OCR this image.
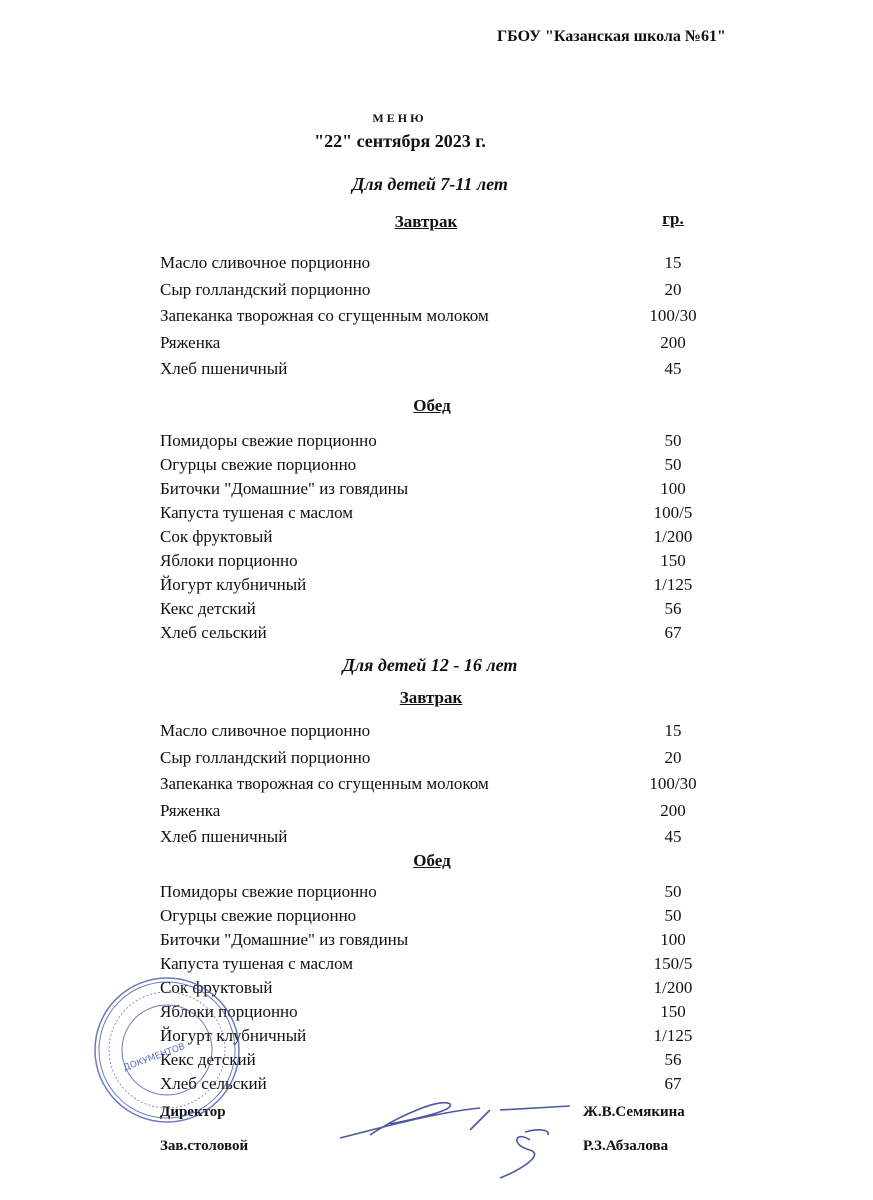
ГБОУ "Казанская школа №61"
М Е Н Ю
"22" сентября 2023 г.
Для детей 7-11 лет
Завтрак	гр.
Масло сливочное порционно	15
Сыр голландский порционно	20
Запеканка творожная со сгущенным молоком	100/30
Ряженка	200
Хлеб пшеничный	45
Обед
Помидоры свежие порционно	50
Огурцы свежие порционно	50
Биточки "Домашние" из говядины	100
Капуста тушеная с маслом	100/5
Сок фруктовый	1/200
Яблоки порционно	150
Йогурт клубничный	1/125
Кекс детский	56
Хлеб сельский	67
Для детей 12 - 16 лет
Завтрак
Масло сливочное порционно	15
Сыр голландский порционно	20
Запеканка творожная со сгущенным молоком	100/30
Ряженка	200
Хлеб пшеничный	45
Обед
Помидоры свежие порционно	50
Огурцы свежие порционно	50
Биточки "Домашние" из говядины	100
Капуста тушеная с маслом	150/5
Сок фруктовый	1/200
Яблоки порционно	150
Йогурт клубничный	1/125
Кекс детский	56
Хлеб сельский	67
Директор	Ж.В.Семякина
Зав.столовой	Р.З.Абзалова
ДОКУМЕНТОВ
